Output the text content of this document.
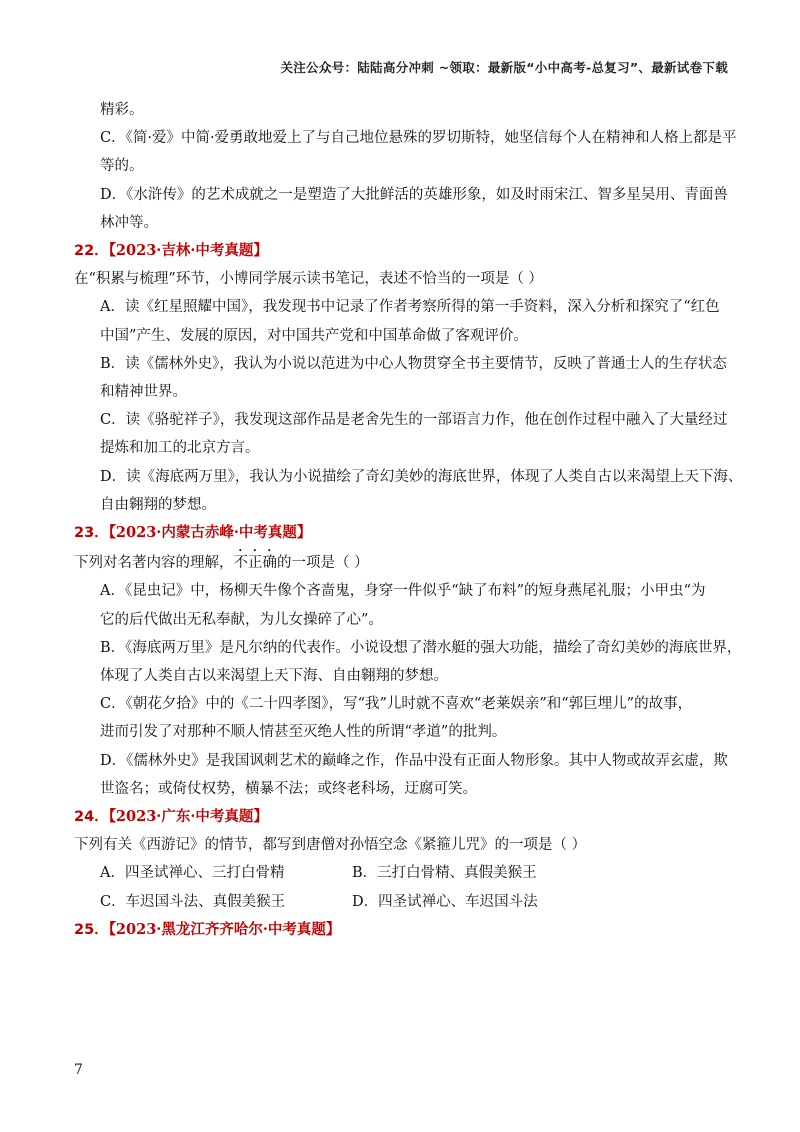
关注公众号：陆陆高分冲刺 ~领取：最新版“小中高考-总复习”、最新试卷下载
精彩。
C．《简·爱》中简·爱勇敢地爱上了与自己地位悬殊的罗切斯特，她坚信每个人在精神和人格上都是平
等的。
D．《水浒传》的艺术成就之一是塑造了大批鲜活的英雄形象，如及时雨宋江、智多星吴用、青面兽
林冲等。
22．【2023·吉林·中考真题】
在“积累与梳理”环节，小博同学展示读书笔记，表述不恰当的一项是（ ）
A．读《红星照耀中国》，我发现书中记录了作者考察所得的第一手资料，深入分析和探究了“红色
中国”产生、发展的原因，对中国共产党和中国革命做了客观评价。
B．读《儒林外史》，我认为小说以范进为中心人物贯穿全书主要情节，反映了普通士人的生存状态
和精神世界。
C．读《骆驼祥子》，我发现这部作品是老舍先生的一部语言力作，他在创作过程中融入了大量经过
提炼和加工的北京方言。
D．读《海底两万里》，我认为小说描绘了奇幻美妙的海底世界，体现了人类自古以来渴望上天下海、
自由翱翔的梦想。
23．【2023·内蒙古赤峰·中考真题】
下列对名著内容的理解，不正确的一项是（ ）
A．《昆虫记》中，杨柳天牛像个吝啬鬼，身穿一件似乎“缺了布料”的短身燕尾礼服；小甲虫“为
它的后代做出无私奉献，为儿女操碎了心”。
B．《海底两万里》是凡尔纳的代表作。小说设想了潜水艇的强大功能，描绘了奇幻美妙的海底世界，
体现了人类自古以来渴望上天下海、自由翱翔的梦想。
C．《朝花夕拾》中的《二十四孝图》，写“我”儿时就不喜欢“老莱娱亲”和“郭巨埋儿”的故事，
进而引发了对那种不顺人情甚至灭绝人性的所谓“孝道”的批判。
D．《儒林外史》是我国讽刺艺术的巅峰之作，作品中没有正面人物形象。其中人物或故弄玄虚，欺
世盗名；或倚仗权势，横暴不法；或终老科场，迂腐可笑。
24．【2023·广东·中考真题】
下列有关《西游记》的情节，都写到唐僧对孙悟空念《紧箍儿咒》的一项是（ ）
A．四圣试禅心、三打白骨精	B．三打白骨精、真假美猴王
C．车迟国斗法、真假美猴王	D．四圣试禅心、车迟国斗法
25．【2023·黑龙江齐齐哈尔·中考真题】
7
